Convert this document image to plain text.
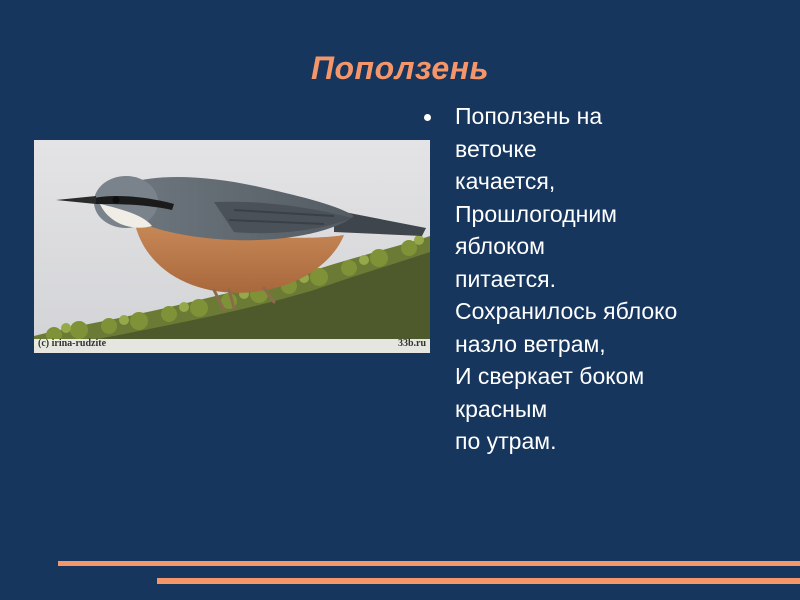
Поползень
(c) irina-rudzite	33b.ru
Поползень на
веточке
качается,
Прошлогодним
яблоком
питается.
Сохранилось яблоко
назло ветрам,
И сверкает боком
красным
по утрам.
